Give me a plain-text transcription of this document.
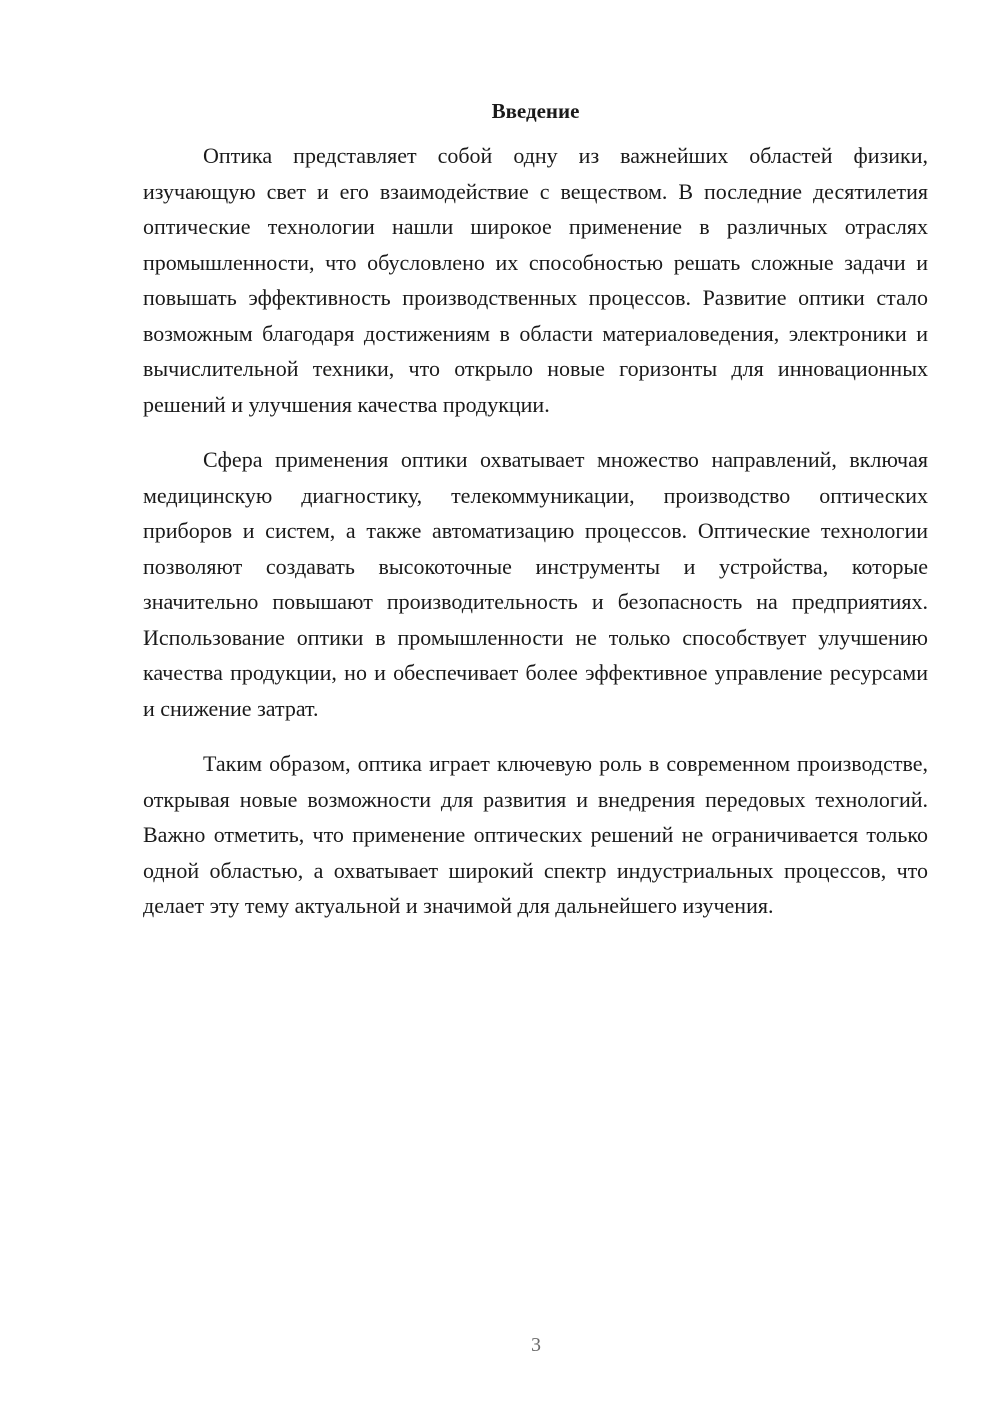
Введение

Оптика представляет собой одну из важнейших областей физики, изучающую свет и его взаимодействие с веществом. В последние десятилетия оптические технологии нашли широкое применение в различных отраслях промышленности, что обусловлено их способностью решать сложные задачи и повышать эффективность производственных процессов. Развитие оптики стало возможным благодаря достижениям в области материаловедения, электроники и вычислительной техники, что открыло новые горизонты для инновационных решений и улучшения качества продукции.

Сфера применения оптики охватывает множество направлений, включая медицинскую диагностику, телекоммуникации, производство оптических приборов и систем, а также автоматизацию процессов. Оптические технологии позволяют создавать высокоточные инструменты и устройства, которые значительно повышают производительность и безопасность на предприятиях. Использование оптики в промышленности не только способствует улучшению качества продукции, но и обеспечивает более эффективное управление ресурсами и снижение затрат.

Таким образом, оптика играет ключевую роль в современном производстве, открывая новые возможности для развития и внедрения передовых технологий. Важно отметить, что применение оптических решений не ограничивается только одной областью, а охватывает широкий спектр индустриальных процессов, что делает эту тему актуальной и значимой для дальнейшего изучения.

3
